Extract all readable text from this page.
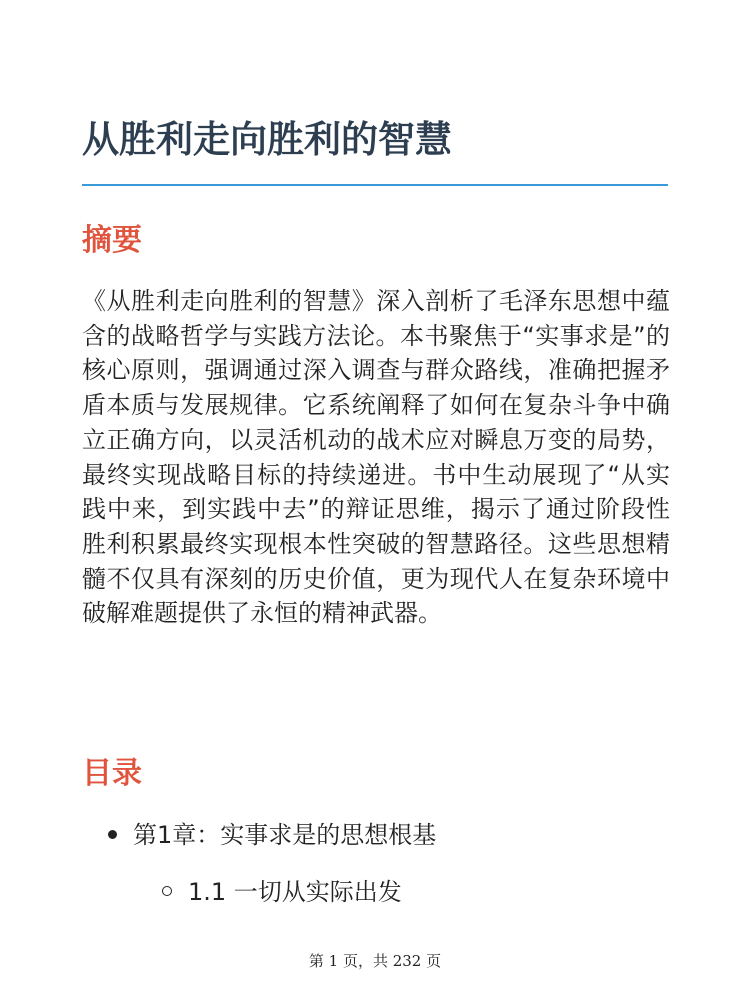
从胜利走向胜利的智慧
摘要

《从胜利走向胜利的智慧》深入剖析了毛泽东思想中蕴含的战略哲学与实践方法论。本书聚焦于“实事求是”的核心原则，强调通过深入调查与群众路线，准确把握矛盾本质与发展规律。它系统阐释了如何在复杂斗争中确立正确方向，以灵活机动的战术应对瞬息万变的局势，最终实现战略目标的持续递进。书中生动展现了“从实践中来，到实践中去”的辩证思维，揭示了通过阶段性胜利积累最终实现根本性突破的智慧路径。这些思想精髓不仅具有深刻的历史价值，更为现代人在复杂环境中破解难题提供了永恒的精神武器。

目录
第1章：实事求是的思想根基
1.1 一切从实际出发
第 1 页，共 232 页
